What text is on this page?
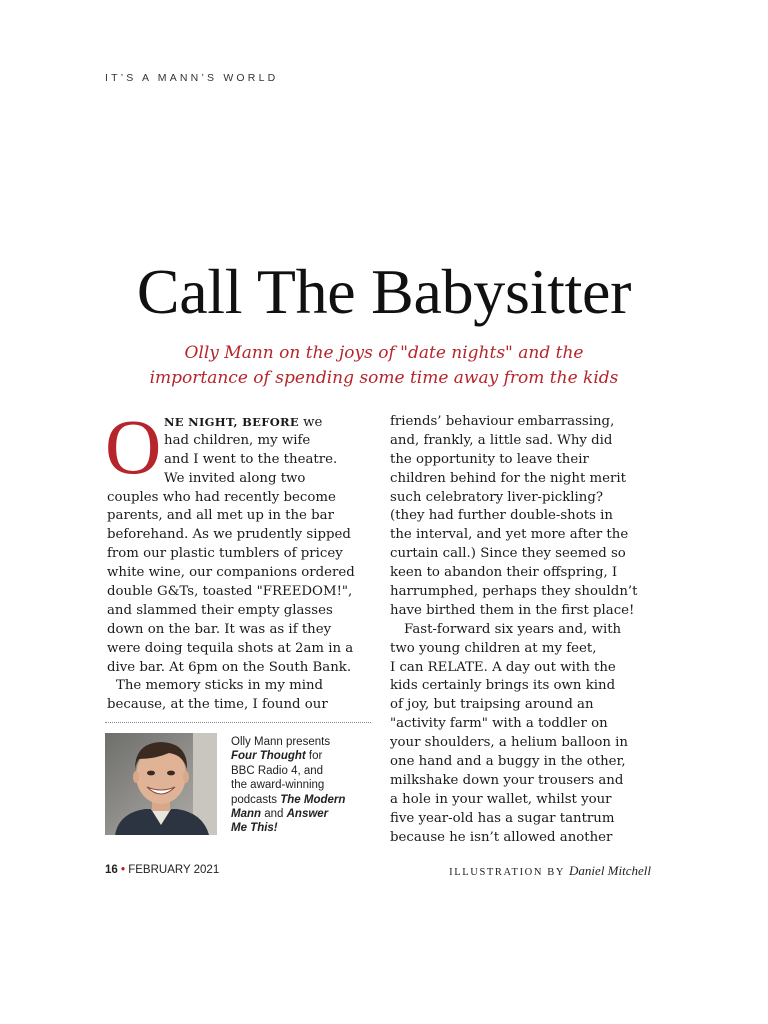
IT’S A MANN’S WORLD
Call The Babysitter
Olly Mann on the joys of "date nights" and the
importance of spending some time away from the kids
O NE NIGHT, BEFORE we
had children, my wife
and I went to the theatre.
We invited along two
couples who had recently become
parents, and all met up in the bar
beforehand. As we prudently sipped
from our plastic tumblers of pricey
white wine, our companions ordered
double G&Ts, toasted "FREEDOM!",
and slammed their empty glasses
down on the bar. It was as if they
were doing tequila shots at 2am in a
dive bar. At 6pm on the South Bank.
The memory sticks in my mind
because, at the time, I found our
Olly Mann presents
Four Thought for
BBC Radio 4, and
the award-winning
podcasts The Modern
Mann and Answer
Me This!
friends’ behaviour embarrassing,
and, frankly, a little sad. Why did
the opportunity to leave their
children behind for the night merit
such celebratory liver-pickling?
(they had further double-shots in
the interval, and yet more after the
curtain call.) Since they seemed so
keen to abandon their offspring, I
harrumphed, perhaps they shouldn’t
have birthed them in the first place!
Fast-forward six years and, with
two young children at my feet,
I can RELATE. A day out with the
kids certainly brings its own kind
of joy, but traipsing around an
"activity farm" with a toddler on
your shoulders, a helium balloon in
one hand and a buggy in the other,
milkshake down your trousers and
a hole in your wallet, whilst your
five year-old has a sugar tantrum
because he isn’t allowed another
16 • FEBRUARY 2021	ILLUSTRATION BY Daniel Mitchell
